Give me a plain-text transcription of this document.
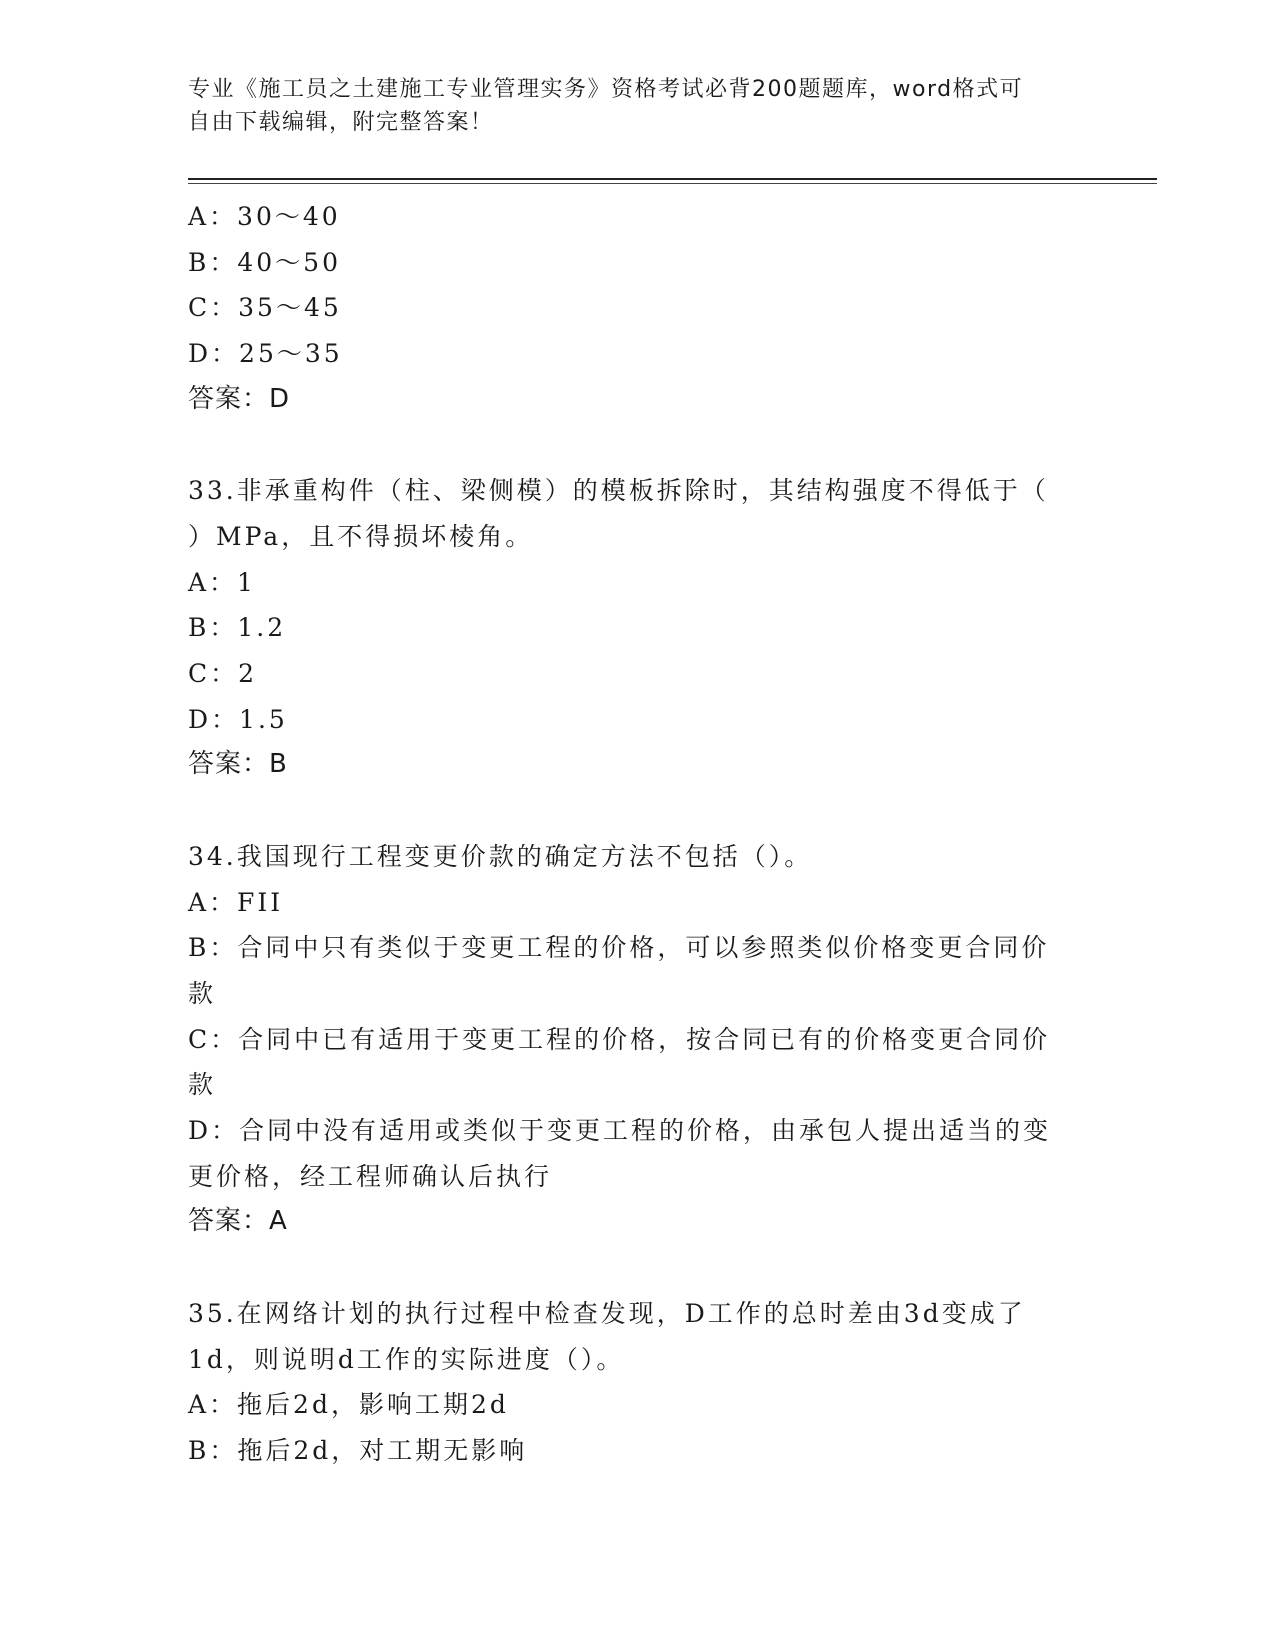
专业《施工员之土建施工专业管理实务》资格考试必背200题题库，word格式可
自由下载编辑，附完整答案！
A：30～40
B：40～50
C：35～45
D：25～35
答案：D
33.非承重构件（柱、梁侧模）的模板拆除时，其结构强度不得低于（
）MPa，且不得损坏棱角。
A：1
B：1.2
C：2
D：1.5
答案：B
34.我国现行工程变更价款的确定方法不包括（）。
A：FII
B：合同中只有类似于变更工程的价格，可以参照类似价格变更合同价
款
C：合同中已有适用于变更工程的价格，按合同已有的价格变更合同价
款
D：合同中没有适用或类似于变更工程的价格，由承包人提出适当的变
更价格，经工程师确认后执行
答案：A
35.在网络计划的执行过程中检查发现，D工作的总时差由3d变成了
1d，则说明d工作的实际进度（）。
A：拖后2d，影响工期2d
B：拖后2d，对工期无影响
